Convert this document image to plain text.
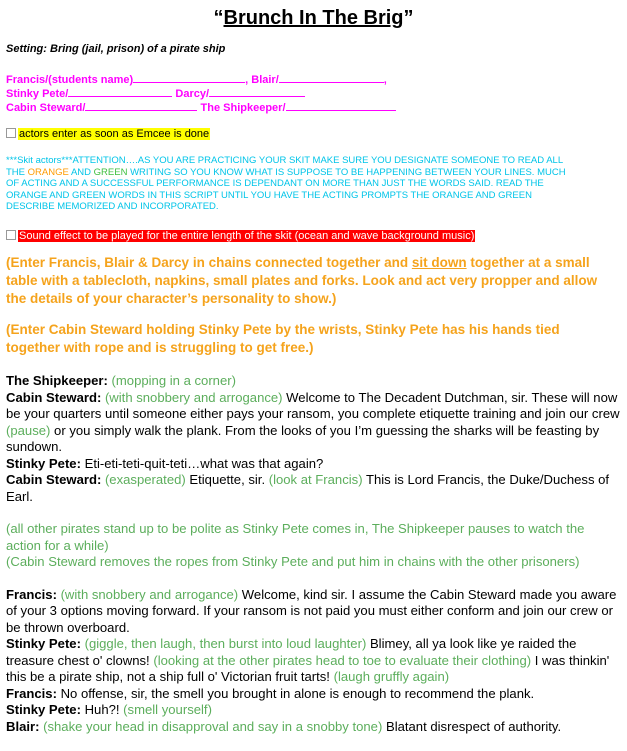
“Brunch In The Brig”
Setting: Bring (jail, prison) of a pirate ship
Francis/(students name)	, Blair/	,
Stinky Pete/	Darcy/
Cabin Steward/	The Shipkeeper/
actors enter as soon as Emcee is done
***Skit actors***ATTENTION….AS YOU ARE PRACTICING YOUR SKIT MAKE SURE YOU DESIGNATE SOMEONE TO READ ALL THE ORANGE AND GREEN WRITING SO YOU KNOW WHAT IS SUPPOSE TO BE HAPPENING BETWEEN YOUR LINES. MUCH OF ACTING AND A SUCCESSFUL PERFORMANCE IS DEPENDANT ON MORE THAN JUST THE WORDS SAID. READ THE ORANGE AND GREEN WORDS IN THIS SCRIPT UNTIL YOU HAVE THE ACTING PROMPTS THE ORANGE AND GREEN DESCRIBE MEMORIZED AND INCORPORATED.
Sound effect to be played for the entire length of the skit (ocean and wave background music)
(Enter Francis, Blair & Darcy in chains connected together and sit down together at a small table with a tablecloth, napkins, small plates and forks. Look and act very propper and allow the details of your character’s personality to show.)
(Enter Cabin Steward holding Stinky Pete by the wrists, Stinky Pete has his hands tied together with rope and is struggling to get free.)

The Shipkeeper: (mopping in a corner)

Cabin Steward: (with snobbery and arrogance) Welcome to The Decadent Dutchman, sir. These will now be your quarters until someone either pays your ransom, you complete etiquette training and join our crew (pause) or you simply walk the plank. From the looks of you I’m guessing the sharks will be feasting by sundown.

Stinky Pete: Eti-eti-teti-quit-teti…what was that again?

Cabin Steward: (exasperated) Etiquette, sir. (look at Francis) This is Lord Francis, the Duke/Duchess of Earl.

(all other pirates stand up to be polite as Stinky Pete comes in, The Shipkeeper pauses to watch the action for a while)

(Cabin Steward removes the ropes from Stinky Pete and put him in chains with the other prisoners)

Francis: (with snobbery and arrogance) Welcome, kind sir. I assume the Cabin Steward made you aware of your 3 options moving forward. If your ransom is not paid you must either conform and join our crew or be thrown overboard.

Stinky Pete: (giggle, then laugh, then burst into loud laughter) Blimey, all ya look like ye raided the treasure chest o' clowns! (looking at the other pirates head to toe to evaluate their clothing) I was thinkin' this be a pirate ship, not a ship full o' Victorian fruit tarts! (laugh gruffly again)

Francis: No offense, sir, the smell you brought in alone is enough to recommend the plank.

Stinky Pete: Huh?! (smell yourself)

Blair: (shake your head in disapproval and say in a snobby tone) Blatant disrespect of authority.
